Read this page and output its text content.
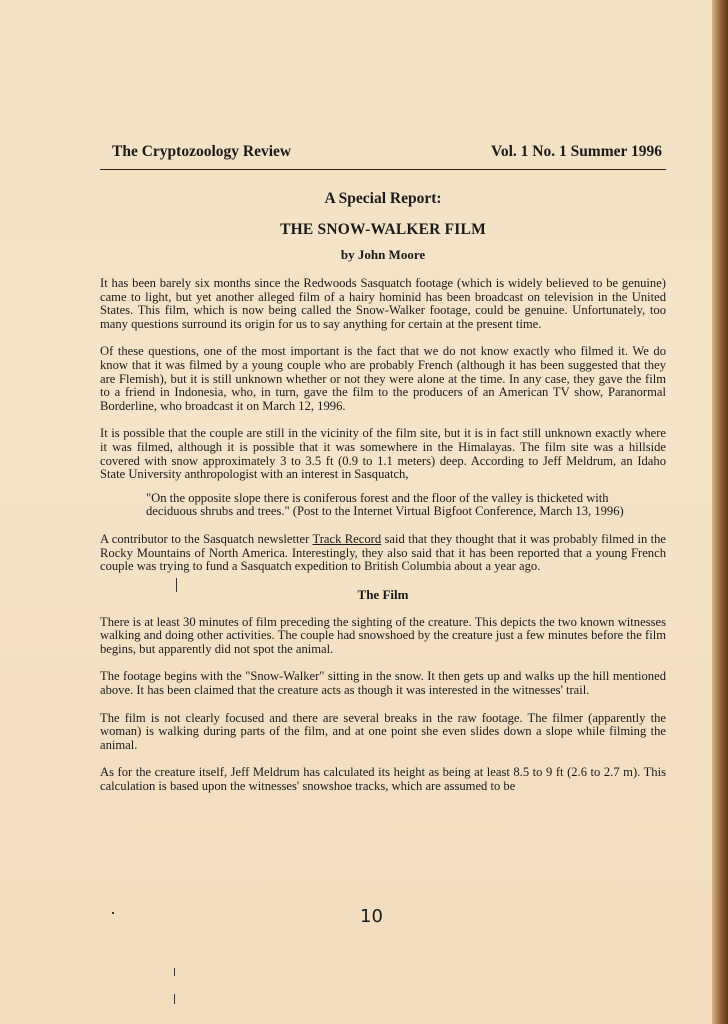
The Cryptozoology Review	Vol. 1 No. 1 Summer 1996
A Special Report:
THE SNOW-WALKER FILM
by John Moore

It has been barely six months since the Redwoods Sasquatch footage (which is widely believed to be genuine) came to light, but yet another alleged film of a hairy hominid has been broadcast on television in the United States. This film, which is now being called the Snow-Walker footage, could be genuine. Unfortunately, too many questions surround its origin for us to say anything for certain at the present time.

Of these questions, one of the most important is the fact that we do not know exactly who filmed it. We do know that it was filmed by a young couple who are probably French (although it has been suggested that they are Flemish), but it is still unknown whether or not they were alone at the time. In any case, they gave the film to a friend in Indonesia, who, in turn, gave the film to the producers of an American TV show, Paranormal Borderline, who broadcast it on March 12, 1996.

It is possible that the couple are still in the vicinity of the film site, but it is in fact still unknown exactly where it was filmed, although it is possible that it was somewhere in the Himalayas. The film site was a hillside covered with snow approximately 3 to 3.5 ft (0.9 to 1.1 meters) deep. According to Jeff Meldrum, an Idaho State University anthropologist with an interest in Sasquatch,

"On the opposite slope there is coniferous forest and the floor of the valley is thicketed with deciduous shrubs and trees." (Post to the Internet Virtual Bigfoot Conference, March 13, 1996)

A contributor to the Sasquatch newsletter Track Record said that they thought that it was probably filmed in the Rocky Mountains of North America. Interestingly, they also said that it has been reported that a young French couple was trying to fund a Sasquatch expedition to British Columbia about a year ago.

The Film

There is at least 30 minutes of film preceding the sighting of the creature. This depicts the two known witnesses walking and doing other activities. The couple had snowshoed by the creature just a few minutes before the film begins, but apparently did not spot the animal.

The footage begins with the "Snow-Walker" sitting in the snow. It then gets up and walks up the hill mentioned above. It has been claimed that the creature acts as though it was interested in the witnesses' trail.

The film is not clearly focused and there are several breaks in the raw footage. The filmer (apparently the woman) is walking during parts of the film, and at one point she even slides down a slope while filming the animal.

As for the creature itself, Jeff Meldrum has calculated its height as being at least 8.5 to 9 ft (2.6 to 2.7 m). This calculation is based upon the witnesses' snowshoe tracks, which are assumed to be

10
